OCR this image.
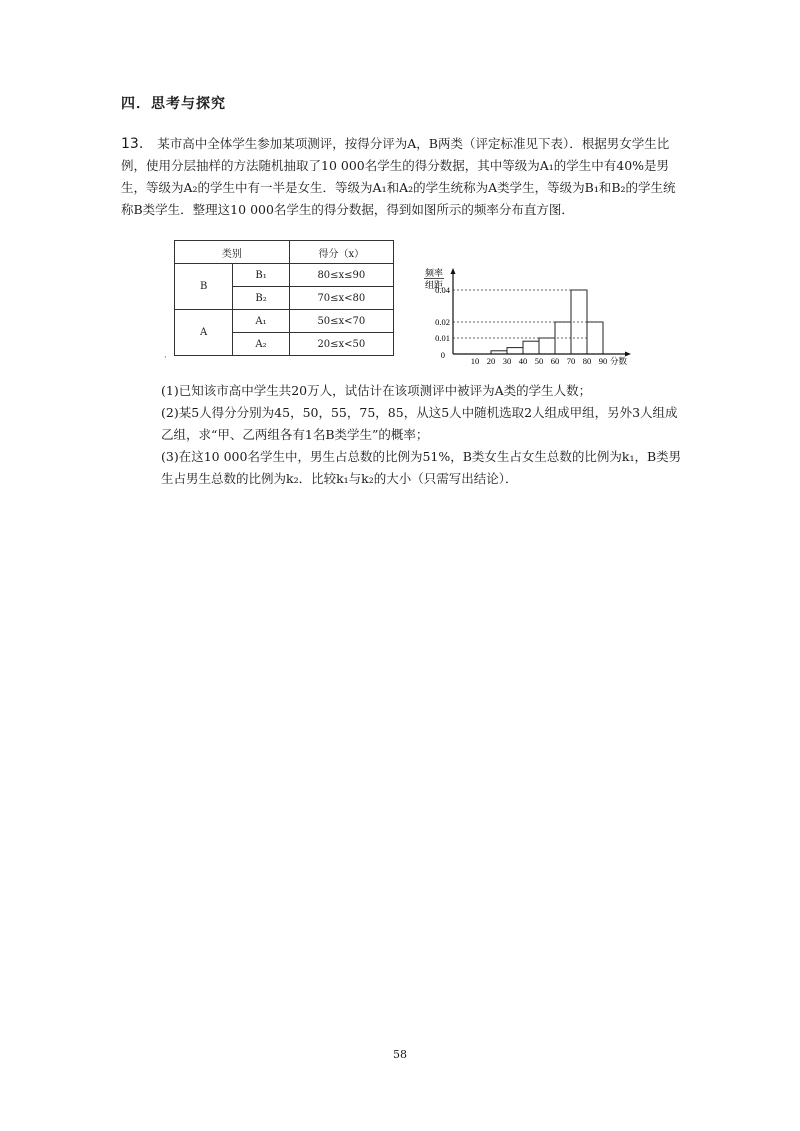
四．思考与探究
13. 某市高中全体学生参加某项测评，按得分评为A，B两类（评定标准见下表）．根据男女学生比例，使用分层抽样的方法随机抽取了10 000名学生的得分数据，其中等级为A₁的学生中有40%是男生，等级为A₂的学生中有一半是女生．等级为A₁和A₂的学生统称为A类学生，等级为B₁和B₂的学生统称B类学生．整理这10 000名学生的得分数据，得到如图所示的频率分布直方图．
类别		得分（x）
B	B₁	80≤x≤90
	B₂	70≤x<80
A	A₁	50≤x<70
	A₂	20≤x<50
·
0.01
0.02
0.04
10 20 30 40 50 60 70 80 90 分数
0
频率
组距

(1)已知该市高中学生共20万人，试估计在该项测评中被评为A类的学生人数；

(2)某5人得分分别为45，50，55，75，85，从这5人中随机选取2人组成甲组，另外3人组成乙组，求“甲、乙两组各有1名B类学生”的概率；

(3)在这10 000名学生中，男生占总数的比例为51%，B类女生占女生总数的比例为k₁，B类男生占男生总数的比例为k₂．比较k₁与k₂的大小（只需写出结论）．

58
